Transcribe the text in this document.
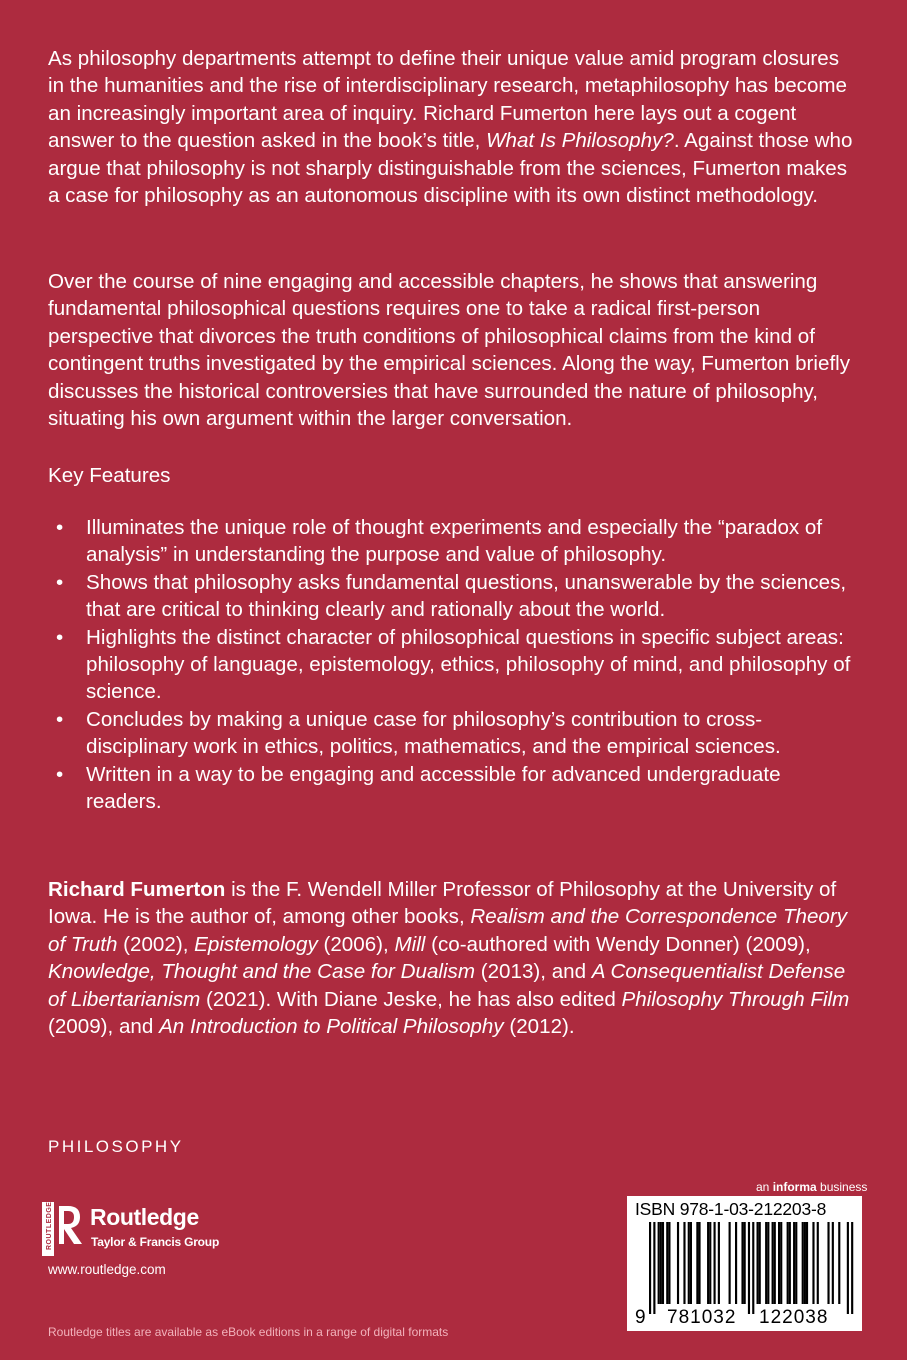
As philosophy departments attempt to define their unique value amid program closures in the humanities and the rise of interdisciplinary research, metaphilosophy has become an increasingly important area of inquiry. Richard Fumerton here lays out a cogent answer to the question asked in the book’s title, What Is Philosophy?. Against those who argue that philosophy is not sharply distinguishable from the sciences, Fumerton makes a case for philosophy as an autonomous discipline with its own distinct methodology.

Over the course of nine engaging and accessible chapters, he shows that answering fundamental philosophical questions requires one to take a radical first-person perspective that divorces the truth conditions of philosophical claims from the kind of contingent truths investigated by the empirical sciences. Along the way, Fumerton briefly discusses the historical controversies that have surrounded the nature of philosophy, situating his own argument within the larger conversation.

Key Features
• Illuminates the unique role of thought experiments and especially the “paradox of analysis” in understanding the purpose and value of philosophy.
• Shows that philosophy asks fundamental questions, unanswerable by the sciences, that are critical to thinking clearly and rationally about the world.
• Highlights the distinct character of philosophical questions in specific subject areas: philosophy of language, epistemology, ethics, philosophy of mind, and philosophy of science.
• Concludes by making a unique case for philosophy’s contribution to cross-disciplinary work in ethics, politics, mathematics, and the empirical sciences.
• Written in a way to be engaging and accessible for advanced undergraduate readers.

Richard Fumerton is the F. Wendell Miller Professor of Philosophy at the University of Iowa. He is the author of, among other books, Realism and the Correspondence Theory of Truth (2002), Epistemology (2006), Mill (co-authored with Wendy Donner) (2009), Knowledge, Thought and the Case for Dualism (2013), and A Consequentialist Defense of Libertarianism (2021). With Diane Jeske, he has also edited Philosophy Through Film (2009), and An Introduction to Political Philosophy (2012).

PHILOSOPHY
ROUTLEDGE Routledge
Taylor & Francis Group
www.routledge.com
Routledge titles are available as eBook editions in a range of digital formats
an informa business
ISBN 978-1-03-212203-8
9 781032 122038
